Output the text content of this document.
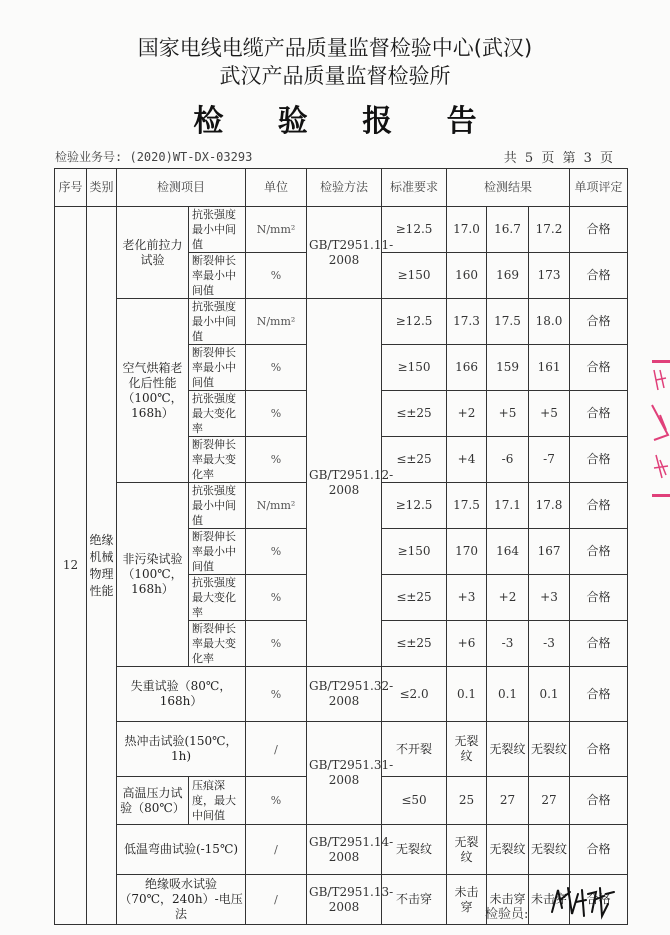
国家电线电缆产品质量监督检验中心(武汉)
武汉产品质量监督检验所
检 验 报 告
检验业务号: (2020)WT-DX-03293	共 5 页 第 3 页
序号	类别	检测项目		单位	检验方法	标准要求	检测结果			单项评定
12	绝缘机械物理性能	老化前拉力试验	抗张强度最小中间值	N/mm²	GB/T2951.11-2008	≥12.5	17.0	16.7	17.2	合格
			断裂伸长率最小中间值	%		≥150	160	169	173	合格
		空气烘箱老化后性能（100℃，168h）	抗张强度最小中间值	N/mm²	GB/T2951.12-2008	≥12.5	17.3	17.5	18.0	合格
			断裂伸长率最小中间值	%		≥150	166	159	161	合格
			抗张强度最大变化率	%		≤±25	+2	+5	+5	合格
			断裂伸长率最大变化率	%		≤±25	+4	-6	-7	合格
		非污染试验（100℃，168h）	抗张强度最小中间值	N/mm²		≥12.5	17.5	17.1	17.8	合格
			断裂伸长率最小中间值	%		≥150	170	164	167	合格
			抗张强度最大变化率	%		≤±25	+3	+2	+3	合格
			断裂伸长率最大变化率	%		≤±25	+6	-3	-3	合格
		失重试验（80℃，168h）		%	GB/T2951.32-2008	≤2.0	0.1	0.1	0.1	合格
		热冲击试验(150℃，1h)		/	GB/T2951.31-2008	不开裂	无裂纹	无裂纹	无裂纹	合格
		高温压力试验（80℃）	压痕深度，最大中间值	%		≤50	25	27	27	合格
		低温弯曲试验(-15℃)		/	GB/T2951.14-2008	无裂纹	无裂纹	无裂纹	无裂纹	合格
		绝缘吸水试验（70℃，240h）-电压法		/	GB/T2951.13-2008	不击穿	未击穿	未击穿	未击穿	合格
检验员:
